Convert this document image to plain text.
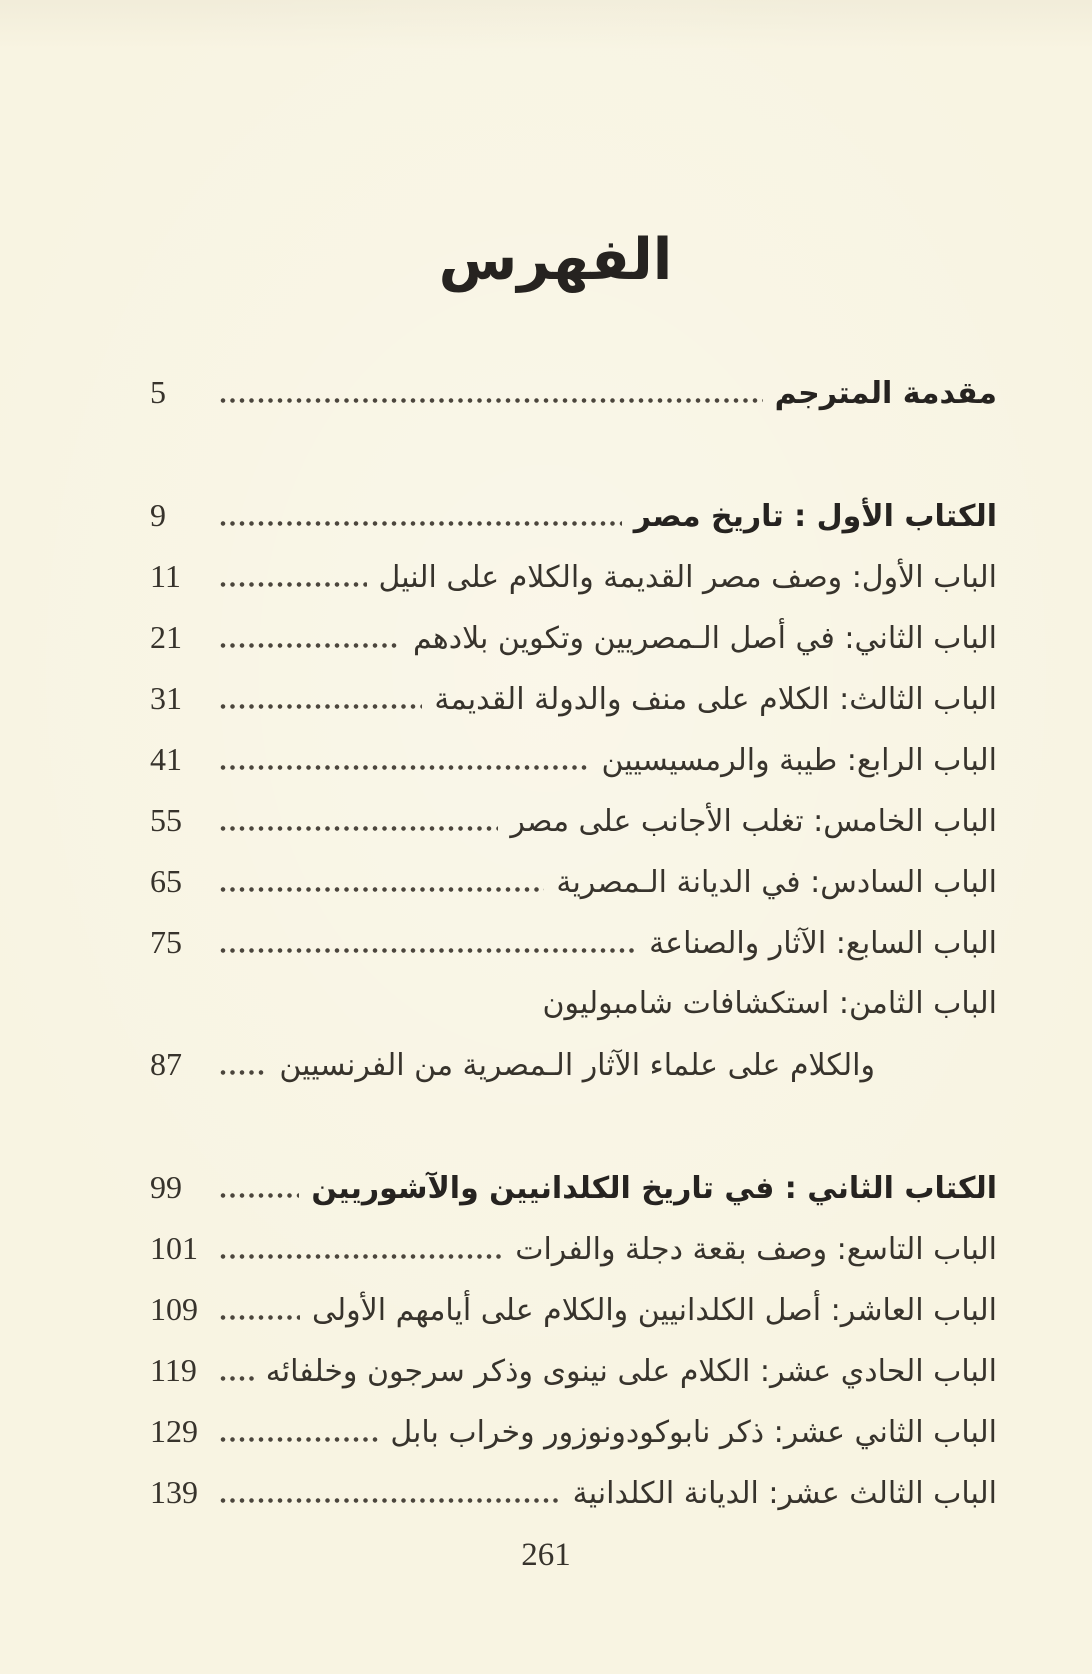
الفهرس
مقدمة المترجم
5
الكتاب الأول : تاريخ مصر
9
الباب الأول: وصف مصر القديمة والكلام على النيل
11
الباب الثاني: في أصل الـمصريين وتكوين بلادهم
21
الباب الثالث: الكلام على منف والدولة القديمة
31
الباب الرابع: طيبة والرمسيسيين
41
الباب الخامس: تغلب الأجانب على مصر
55
الباب السادس: في الديانة الـمصرية
65
الباب السابع: الآثار والصناعة
75
الباب الثامن: استكشافات شامبوليون
والكلام على علماء الآثار الـمصرية من الفرنسيين
87
الكتاب الثاني : في تاريخ الكلدانيين والآشوريين
99
الباب التاسع: وصف بقعة دجلة والفرات
101
الباب العاشر: أصل الكلدانيين والكلام على أيامهم الأولى
109
الباب الحادي عشر: الكلام على نينوى وذكر سرجون وخلفائه
119
الباب الثاني عشر: ذكر نابوكودونوزور وخراب بابل
129
الباب الثالث عشر: الديانة الكلدانية
139
261
